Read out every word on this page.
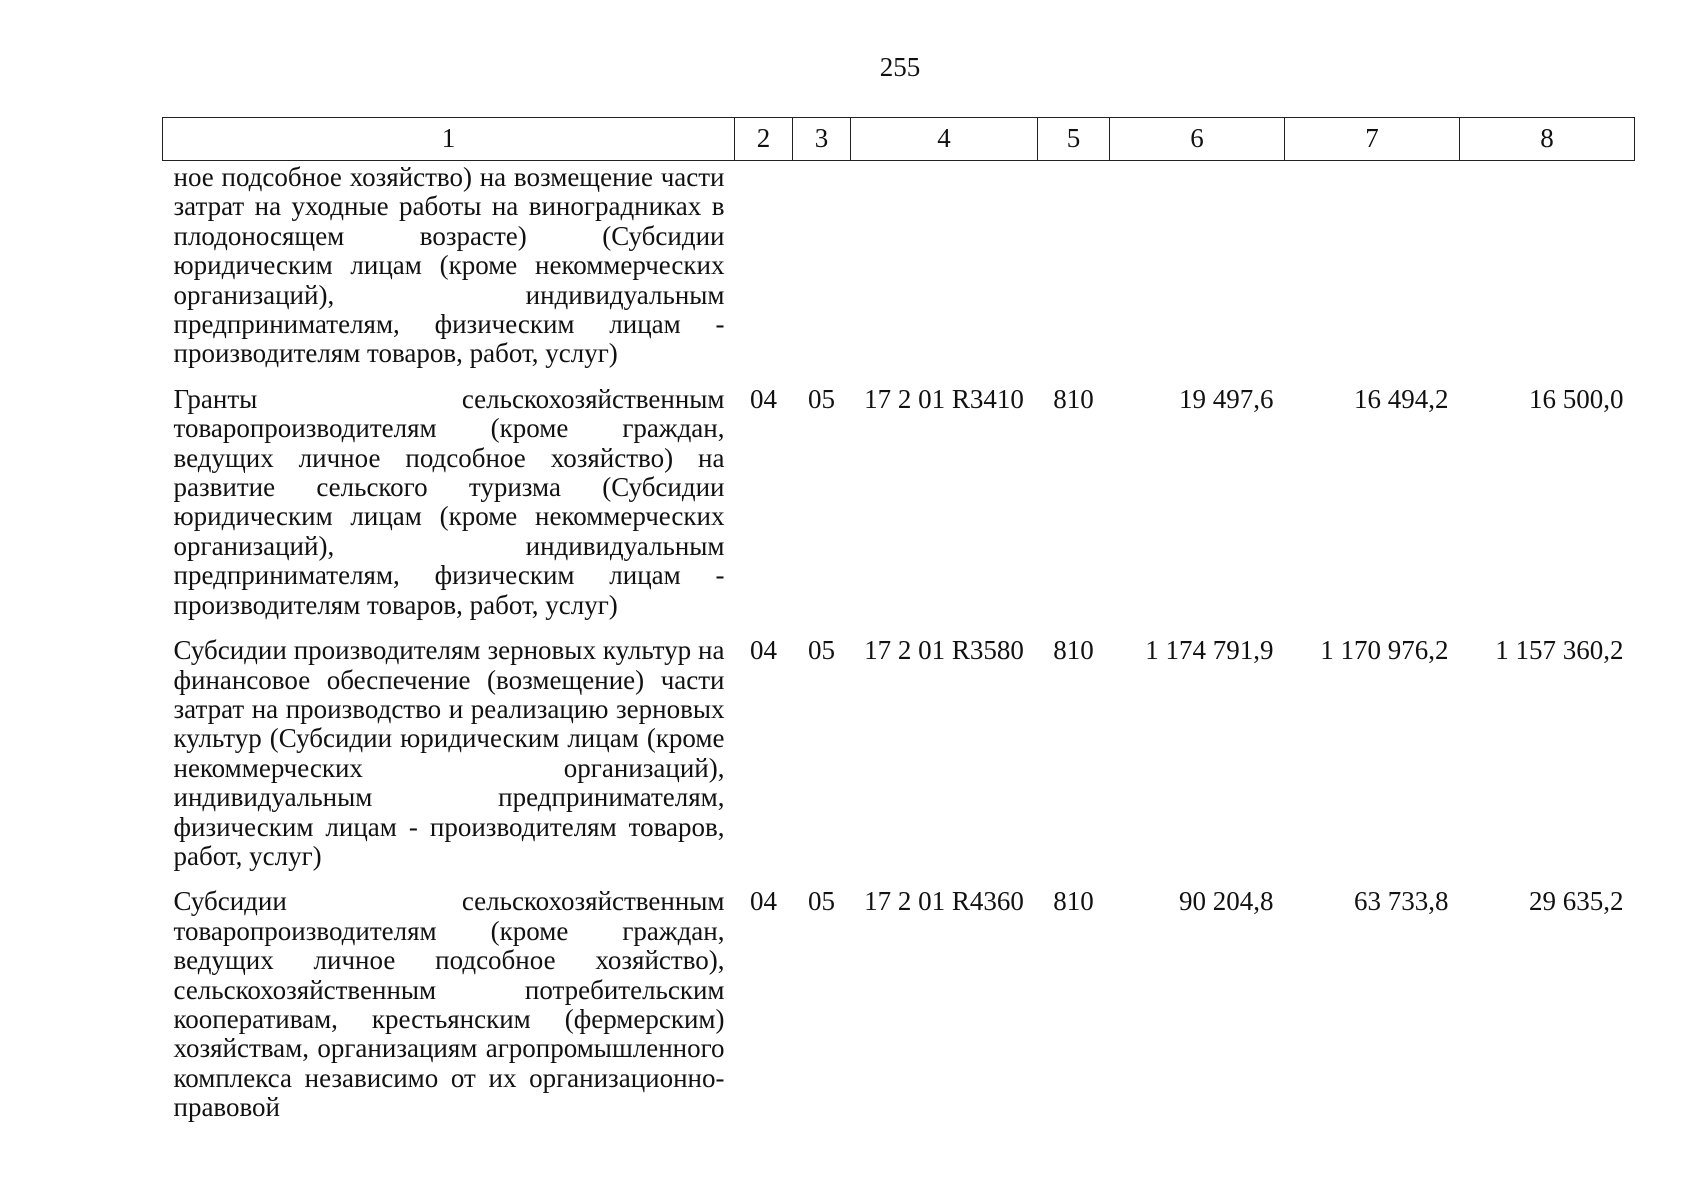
255
1	2	3	4	5	6	7	8
ное подсобное хозяйство) на возмещение части затрат на уходные работы на виноградниках в плодоносящем возрасте) (Субсидии юридическим лицам (кроме некоммерческих организаций), индивидуальным предпринимателям, физическим лицам - производителям товаров, работ, услуг)							
Гранты сельскохозяйственным товаропроизводителям (кроме граждан, ведущих личное подсобное хозяйство) на развитие сельского туризма (Субсидии юридическим лицам (кроме некоммерческих организаций), индивидуальным предпринимателям, физическим лицам - производителям товаров, работ, услуг)	04	05	17 2 01 R3410	810	19 497,6	16 494,2	16 500,0
Субсидии производителям зерновых культур на финансовое обеспечение (возмещение) части затрат на производство и реализацию зерновых культур (Субсидии юридическим лицам (кроме некоммерческих организаций), индивидуальным предпринимателям, физическим лицам - производителям товаров, работ, услуг)	04	05	17 2 01 R3580	810	1 174 791,9	1 170 976,2	1 157 360,2
Субсидии сельскохозяйственным товаропроизводителям (кроме граждан, ведущих личное подсобное хозяйство), сельскохозяйственным потребительским кооперативам, крестьянским (фермерским) хозяйствам, организациям агропромышленного комплекса независимо от их организационно-правовой	04	05	17 2 01 R4360	810	90 204,8	63 733,8	29 635,2
